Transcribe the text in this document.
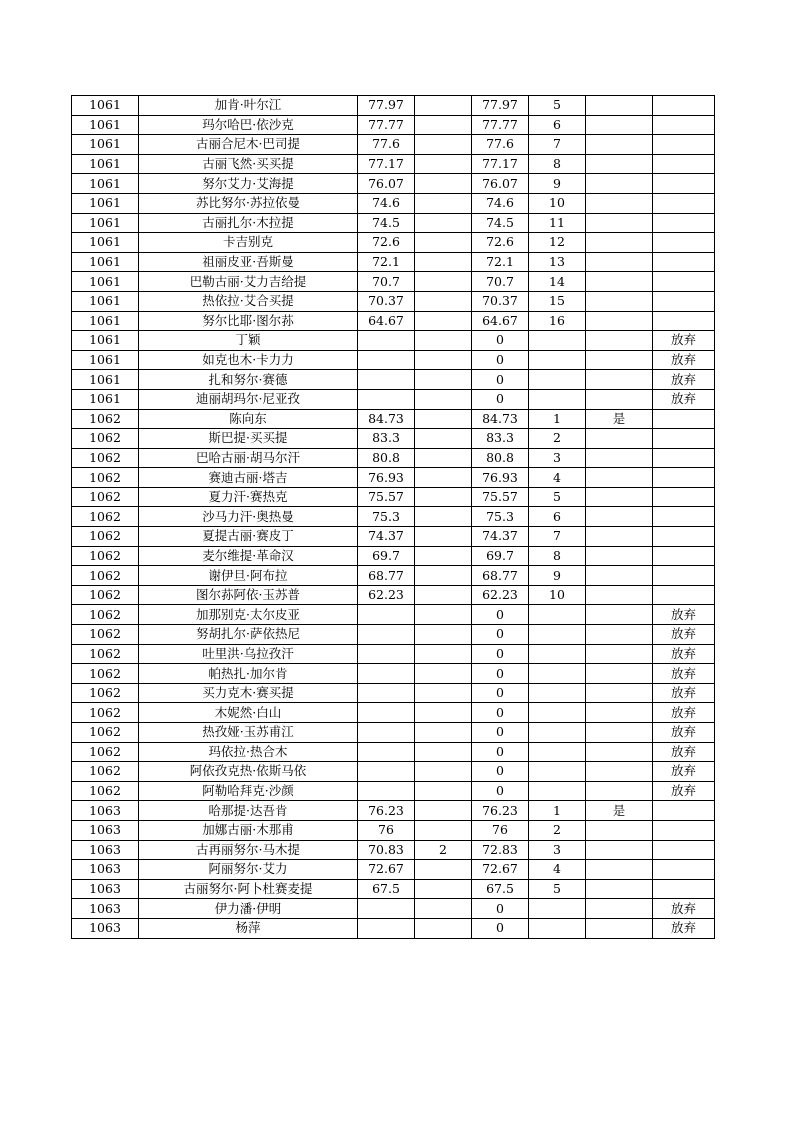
1061	加肯·叶尔江	77.97		77.97	5		
1061	玛尔哈巴·依沙克	77.77		77.77	6		
1061	古丽合尼木·巴司提	77.6		77.6	7		
1061	古丽飞然·买买提	77.17		77.17	8		
1061	努尔艾力·艾海提	76.07		76.07	9		
1061	苏比努尔·苏拉依曼	74.6		74.6	10		
1061	古丽扎尔·木拉提	74.5		74.5	11		
1061	卡吉别克	72.6		72.6	12		
1061	祖丽皮亚·吾斯曼	72.1		72.1	13		
1061	巴勒古丽·艾力吉给提	70.7		70.7	14		
1061	热依拉·艾合买提	70.37		70.37	15		
1061	努尔比耶·图尔荪	64.67		64.67	16		
1061	丁颖			0			放弃
1061	如克也木·卡力力			0			放弃
1061	扎和努尔·赛德			0			放弃
1061	迪丽胡玛尔·尼亚孜			0			放弃
1062	陈向东	84.73		84.73	1	是	
1062	斯巴提·买买提	83.3		83.3	2		
1062	巴哈古丽·胡马尔汗	80.8		80.8	3		
1062	赛迪古丽·塔吉	76.93		76.93	4		
1062	夏力汗·赛热克	75.57		75.57	5		
1062	沙马力汗·奥热曼	75.3		75.3	6		
1062	夏提古丽·赛皮丁	74.37		74.37	7		
1062	麦尔维提·革命汉	69.7		69.7	8		
1062	谢伊旦·阿布拉	68.77		68.77	9		
1062	图尔荪阿依·玉苏普	62.23		62.23	10		
1062	加那别克·太尔皮亚			0			放弃
1062	努胡扎尔·萨依热尼			0			放弃
1062	吐里洪·乌拉孜汗			0			放弃
1062	帕热扎·加尔肯			0			放弃
1062	买力克木·赛买提			0			放弃
1062	木妮然·白山			0			放弃
1062	热孜娅·玉苏甫江			0			放弃
1062	玛依拉·热合木			0			放弃
1062	阿依孜克热·依斯马依			0			放弃
1062	阿勒哈拜克·沙颜			0			放弃
1063	哈那提·达吾肯	76.23		76.23	1	是	
1063	加娜古丽·木那甫	76		76	2		
1063	古再丽努尔·马木提	70.83	2	72.83	3		
1063	阿丽努尔·艾力	72.67		72.67	4		
1063	古丽努尔·阿卜杜赛麦提	67.5		67.5	5		
1063	伊力潘·伊明			0			放弃
1063	杨萍			0			放弃
